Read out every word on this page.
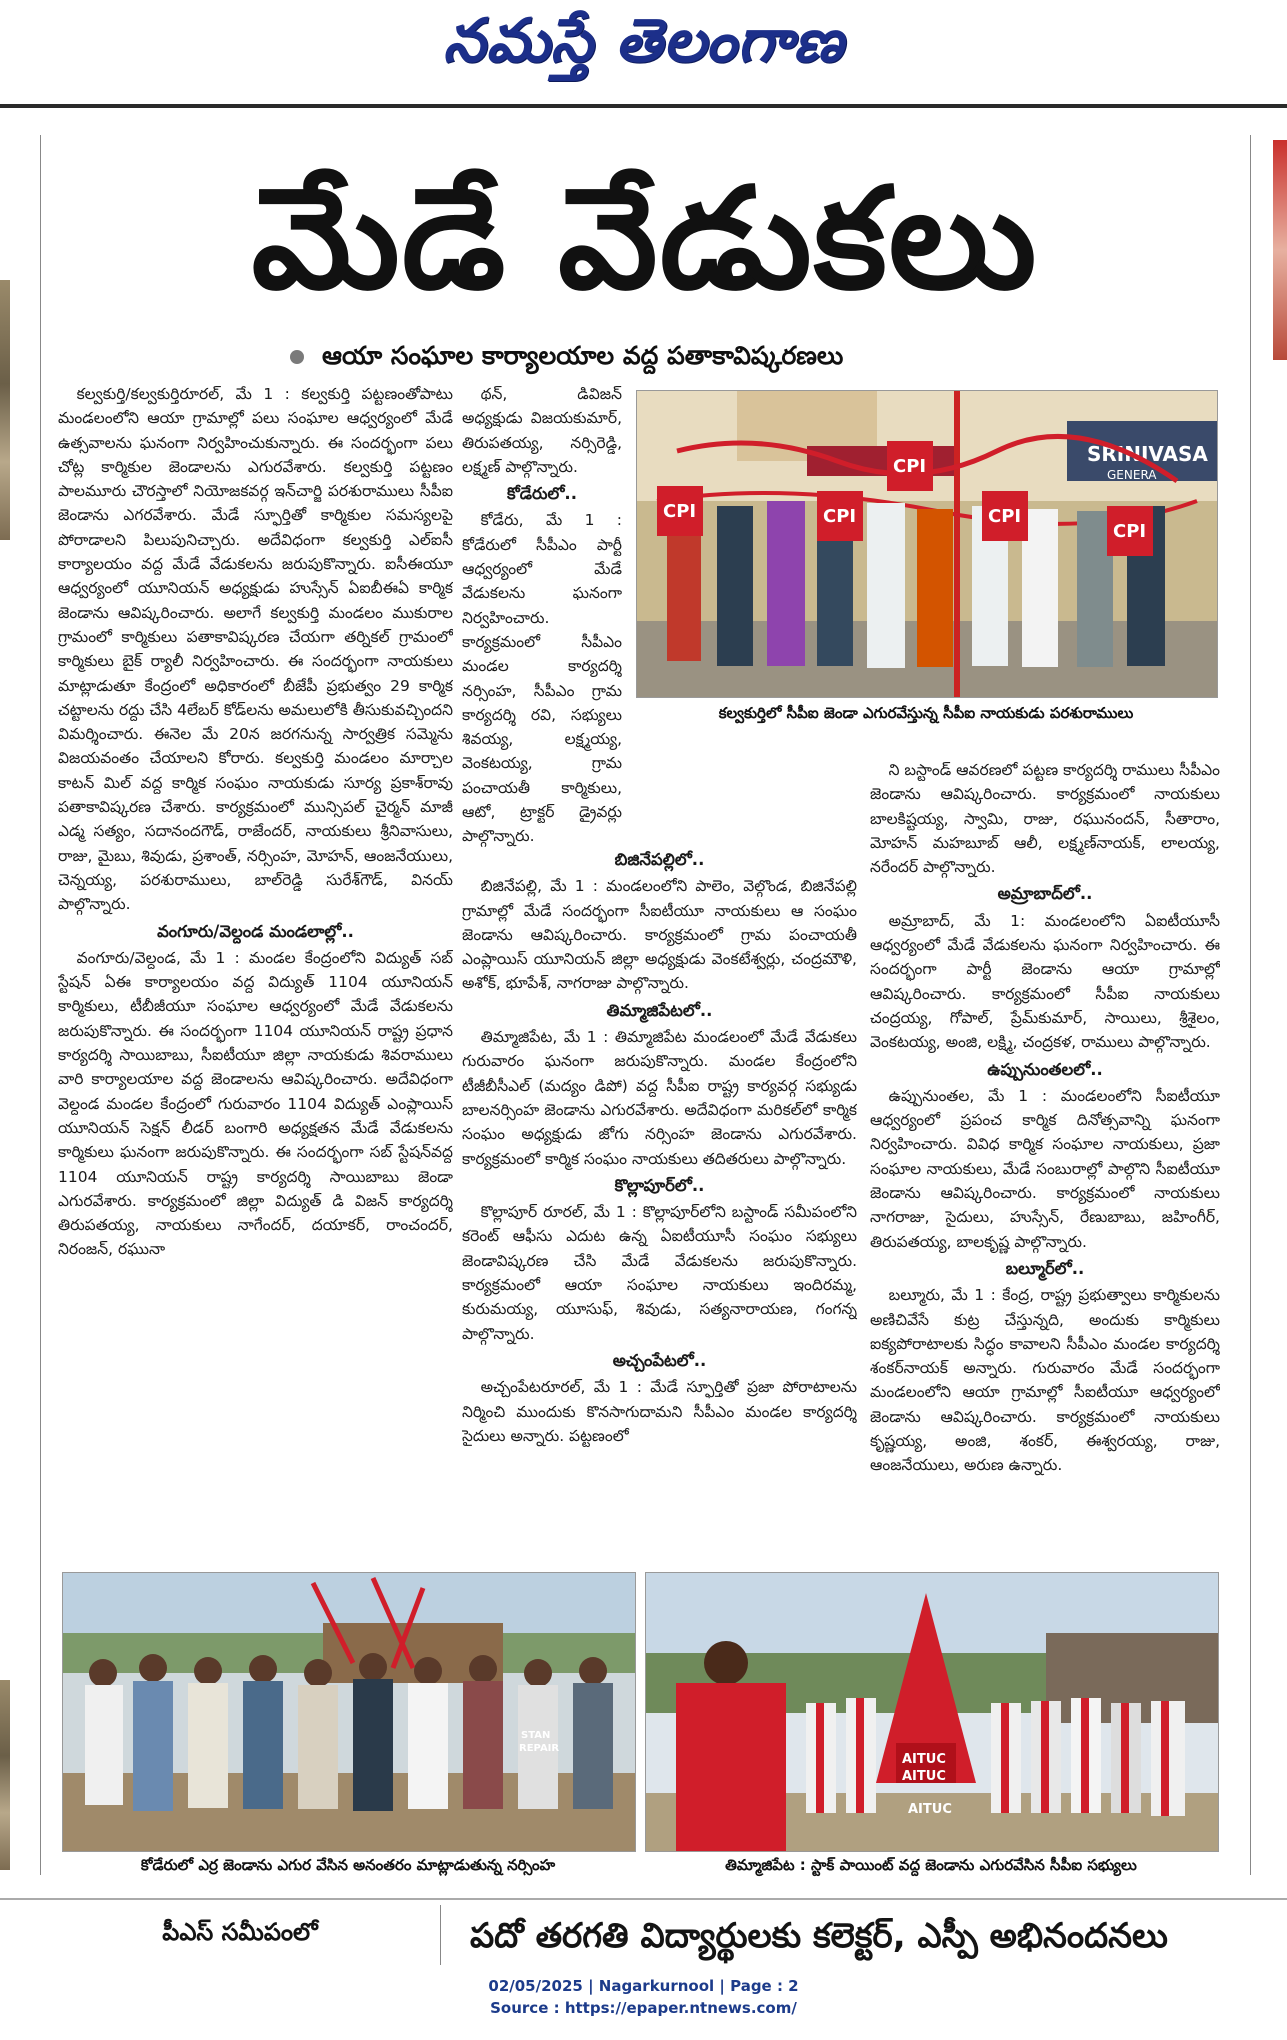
నమస్తే తెలంగాణ
మేడే వేడుకలు
ఆయా సంఘాల కార్యాలయాల వద్ద పతాకావిష్కరణలు

కల్వకుర్తి/కల్వకుర్తిరూరల్, మే 1 : కల్వకుర్తి పట్టణంతోపాటు మండలంలోని ఆయా గ్రామాల్లో పలు సంఘాల ఆధ్వర్యంలో మేడే ఉత్సవాలను ఘనంగా నిర్వహించుకున్నారు. ఈ సందర్భంగా పలు చోట్ల కార్మికుల జెండాలను ఎగురవేశారు. కల్వకుర్తి పట్టణం పాలమూరు చౌరస్తాలో నియోజకవర్గ ఇన్‌చార్జి పరశురాములు సీపీఐ జెండాను ఎగరవేశారు. మేడే స్ఫూర్తితో కార్మికుల సమస్యలపై పోరాడాలని పిలుపునిచ్చారు. అదేవిధంగా కల్వకుర్తి ఎల్‌ఐసీ కార్యాలయం వద్ద మేడే వేడుకలను జరుపుకొన్నారు. ఐసీఈయూ ఆధ్వర్యంలో యూనియన్ అధ్యక్షుడు హుస్సేన్ ఏఐబీఈఏ కార్మిక జెండాను ఆవిష్కరించారు. అలాగే కల్వకుర్తి మండలం ముకురాల గ్రామంలో కార్మికులు పతాకావిష్కరణ చేయగా తర్నికల్ గ్రామంలో కార్మికులు బైక్ ర్యాలీ నిర్వహించారు. ఈ సందర్భంగా నాయకులు మాట్లాడుతూ కేంద్రంలో అధికారంలో బీజేపీ ప్రభుత్వం 29 కార్మిక చట్టాలను రద్దు చేసి 4లేబర్ కోడ్‌లను అమలులోకి తీసుకువచ్చిందని విమర్శించారు. ఈనెల మే 20న జరగనున్న సార్వత్రిక సమ్మెను విజయవంతం చేయాలని కోరారు. కల్వకుర్తి మండలం మార్చాల కాటన్ మిల్ వద్ద కార్మిక సంఘం నాయకుడు సూర్య ప్రకాశ్‌రావు పతాకావిష్కరణ చేశారు. కార్యక్రమంలో మున్సిపల్ చైర్మన్ మాజీ ఎడ్మ సత్యం, సదానందగౌడ్, రాజేందర్, నాయకులు శ్రీనివాసులు, రాజు, మైబు, శివుడు, ప్రశాంత్, నర్సింహ, మోహన్, ఆంజనేయులు, చెన్నయ్య, పరశురాములు, బాల్‌రెడ్డి సురేశ్‌గౌడ్, వినయ్ పాల్గొన్నారు.

వంగూరు/వెల్దండ మండలాల్లో..

వంగూరు/వెల్దండ, మే 1 : మండల కేంద్రంలోని విద్యుత్ సబ్ స్టేషన్ ఏఈ కార్యాలయం వద్ద విద్యుత్ 1104 యూనియన్ కార్మికులు, టీబీజీయూ సంఘాల ఆధ్వర్యంలో మేడే వేడుకలను జరుపుకొన్నారు. ఈ సందర్భంగా 1104 యూనియన్ రాష్ట్ర ప్రధాన కార్యదర్శి సాయిబాబు, సీఐటీయూ జిల్లా నాయకుడు శివరాములు వారి కార్యాలయాల వద్ద జెండాలను ఆవిష్కరించారు. అదేవిధంగా వెల్దండ మండల కేంద్రంలో గురువారం 1104 విద్యుత్ ఎంప్లాయిస్ యూనియన్ సెక్షన్ లీడర్ బంగారి అధ్యక్షతన మేడే వేడుకలను కార్మికులు ఘనంగా జరుపుకొన్నారు. ఈ సందర్భంగా సబ్ స్టేషన్‌వద్ద 1104 యూనియన్ రాష్ట్ర కార్యదర్శి సాయిబాబు జెండా ఎగురవేశారు. కార్యక్రమంలో జిల్లా విద్యుత్ డి విజన్ కార్యదర్శి తిరుపతయ్య, నాయకులు నాగేందర్, దయాకర్, రాంచందర్, నిరంజన్, రఘునా

థన్, డివిజన్ అధ్యక్షుడు విజయకుమార్, తిరుపతయ్య, నర్సిరెడ్డి, లక్ష్మణ్ పాల్గొన్నారు.

కోడేరులో..

కోడేరు, మే 1 : కోడేరులో సీపీఎం పార్టీ ఆధ్వర్యంలో మేడే వేడుకలను ఘనంగా నిర్వహించారు. కార్యక్రమంలో సీపీఎం మండల కార్యదర్శి నర్సింహ, సీపీఎం గ్రామ కార్యదర్శి రవి, సభ్యులు శివయ్య, లక్ష్మయ్య, వెంకటయ్య, గ్రామ పంచాయతీ కార్మికులు, ఆటో, ట్రాక్టర్ డ్రైవర్లు పాల్గొన్నారు.

SRINIVASA
GENERA
CPI	CPI
CPI
CPI
CPI
కల్వకుర్తిలో సీపీఐ జెండా ఎగురవేస్తున్న సీపీఐ నాయకుడు పరశురాములు
బిజినేపల్లిలో..

బిజినేపల్లి, మే 1 : మండలంలోని పాలెం, వెల్గొండ, బిజినేపల్లి గ్రామాల్లో మేడే సందర్భంగా సీఐటీయూ నాయకులు ఆ సంఘం జెండాను ఆవిష్కరించారు. కార్యక్రమంలో గ్రామ పంచాయతీ ఎంప్లాయిస్ యూనియన్ జిల్లా అధ్యక్షుడు వెంకటేశ్వర్లు, చంద్రమౌళి, అశోక్, భూపేశ్, నాగరాజు పాల్గొన్నారు.

తిమ్మాజిపేటలో..

తిమ్మాజిపేట, మే 1 : తిమ్మాజిపేట మండలంలో మేడే వేడుకలు గురువారం ఘనంగా జరుపుకొన్నారు. మండల కేంద్రంలోని టీజీబీసీఎల్ (మద్యం డిపో) వద్ద సీపీఐ రాష్ట్ర కార్యవర్గ సభ్యుడు బాలనర్సింహ జెండాను ఎగురవేశారు. అదేవిధంగా మరికల్‌లో కార్మిక సంఘం అధ్యక్షుడు జోగు నర్సింహ జెండాను ఎగురవేశారు. కార్యక్రమంలో కార్మిక సంఘం నాయకులు తదితరులు పాల్గొన్నారు.

కొల్లాపూర్‌లో..

కొల్లాపూర్ రూరల్, మే 1 : కొల్లాపూర్‌లోని బస్టాండ్ సమీపంలోని కరెంట్ ఆఫీసు ఎదుట ఉన్న ఏఐటీయూసీ సంఘం సభ్యులు జెండావిష్కరణ చేసి మేడే వేడుకలను జరుపుకొన్నారు. కార్యక్రమంలో ఆయా సంఘాల నాయకులు ఇందిరమ్మ, కురుమయ్య, యూసుఫ్, శివుడు, సత్యనారాయణ, గంగన్న పాల్గొన్నారు.

అచ్చంపేటలో..

అచ్చంపేటరూరల్, మే 1 : మేడే స్ఫూర్తితో ప్రజా పోరాటాలను నిర్మించి ముందుకు కొనసాగుదామని సీపీఎం మండల కార్యదర్శి సైదులు అన్నారు. పట్టణంలో

ని బస్టాండ్ ఆవరణలో పట్టణ కార్యదర్శి రాములు సీపీఎం జెండాను ఆవిష్కరించారు. కార్యక్రమంలో నాయకులు బాలకిష్టయ్య, స్వామి, రాజు, రఘునందన్, సీతారాం, మోహన్ మహబూబ్ ఆలీ, లక్ష్మణ్‌నాయక్, లాలయ్య, నరేందర్ పాల్గొన్నారు.

అమ్రాబాద్‌లో..

అమ్రాబాద్, మే 1: మండలంలోని ఏఐటీయూసీ ఆధ్వర్యంలో మేడే వేడుకలను ఘనంగా నిర్వహించారు. ఈ సందర్భంగా పార్టీ జెండాను ఆయా గ్రామాల్లో ఆవిష్కరించారు. కార్యక్రమంలో సీపీఐ నాయకులు చంద్రయ్య, గోపాల్, ప్రేమ్‌కుమార్, సాయిలు, శ్రీశైలం, వెంకటయ్య, అంజి, లక్ష్మి, చంద్రకళ, రాములు పాల్గొన్నారు.

ఉప్పునుంతలలో..

ఉప్పునుంతల, మే 1 : మండలంలోని సీఐటీయూ ఆధ్వర్యంలో ప్రపంచ కార్మిక దినోత్సవాన్ని ఘనంగా నిర్వహించారు. వివిధ కార్మిక సంఘాల నాయకులు, ప్రజా సంఘాల నాయకులు, మేడే సంబురాల్లో పాల్గొని సీఐటీయూ జెండాను ఆవిష్కరించారు. కార్యక్రమంలో నాయకులు నాగరాజు, సైదులు, హుస్సేన్, రేణుబాబు, జహింగీర్, తిరుపతయ్య, బాలకృష్ణ పాల్గొన్నారు.

బల్మూర్‌లో..

బల్మూరు, మే 1 : కేంద్ర, రాష్ట్ర ప్రభుత్వాలు కార్మికులను అణిచివేసే కుట్ర చేస్తున్నది, అందుకు కార్మికులు ఐక్యపోరాటాలకు సిద్ధం కావాలని సీపీఎం మండల కార్యదర్శి శంకర్‌నాయక్ అన్నారు. గురువారం మేడే సందర్భంగా మండలంలోని ఆయా గ్రామాల్లో సీఐటీయూ ఆధ్వర్యంలో జెండాను ఆవిష్కరించారు. కార్యక్రమంలో నాయకులు కృష్ణయ్య, అంజి, శంకర్, ఈశ్వరయ్య, రాజు, ఆంజనేయులు, అరుణ ఉన్నారు.

STAN
REPAIR
కోడేరులో ఎర్ర జెండాను ఎగుర వేసిన అనంతరం మాట్లాడుతున్న నర్సింహ
AITUC
AITUC
AITUC
తిమ్మాజిపేట : స్టాక్ పాయింట్ వద్ద జెండాను ఎగురవేసిన సీపీఐ సభ్యులు
పీఎస్ సమీపంలో	పదో తరగతి విద్యార్థులకు కలెక్టర్, ఎస్పీ అభినందనలు
02/05/2025 | Nagarkurnool | Page : 2
Source : https://epaper.ntnews.com/
